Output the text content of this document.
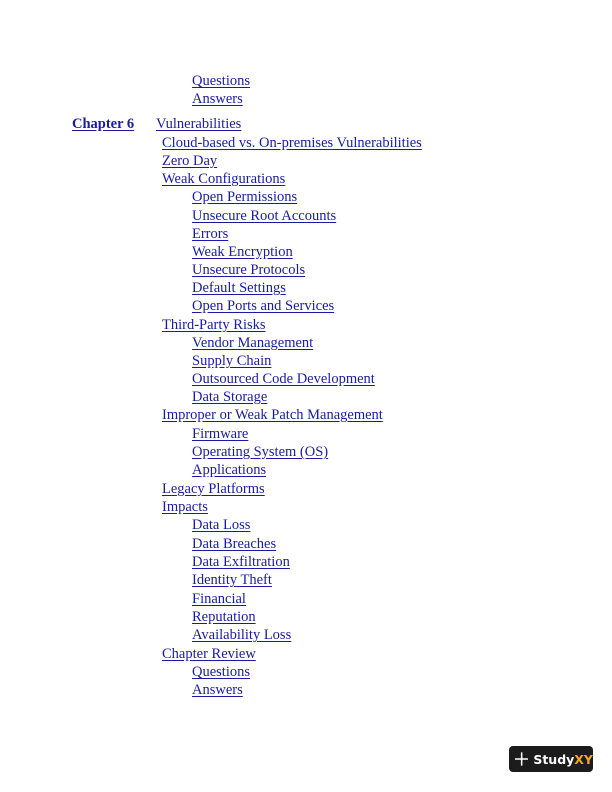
Questions
Answers
Chapter 6 Vulnerabilities
Cloud-based vs. On-premises Vulnerabilities
Zero Day
Weak Configurations
Open Permissions
Unsecure Root Accounts
Errors
Weak Encryption
Unsecure Protocols
Default Settings
Open Ports and Services
Third-Party Risks
Vendor Management
Supply Chain
Outsourced Code Development
Data Storage
Improper or Weak Patch Management
Firmware
Operating System (OS)
Applications
Legacy Platforms
Impacts
Data Loss
Data Breaches
Data Exfiltration
Identity Theft
Financial
Reputation
Availability Loss
Chapter Review
Questions
Answers
Study XY
